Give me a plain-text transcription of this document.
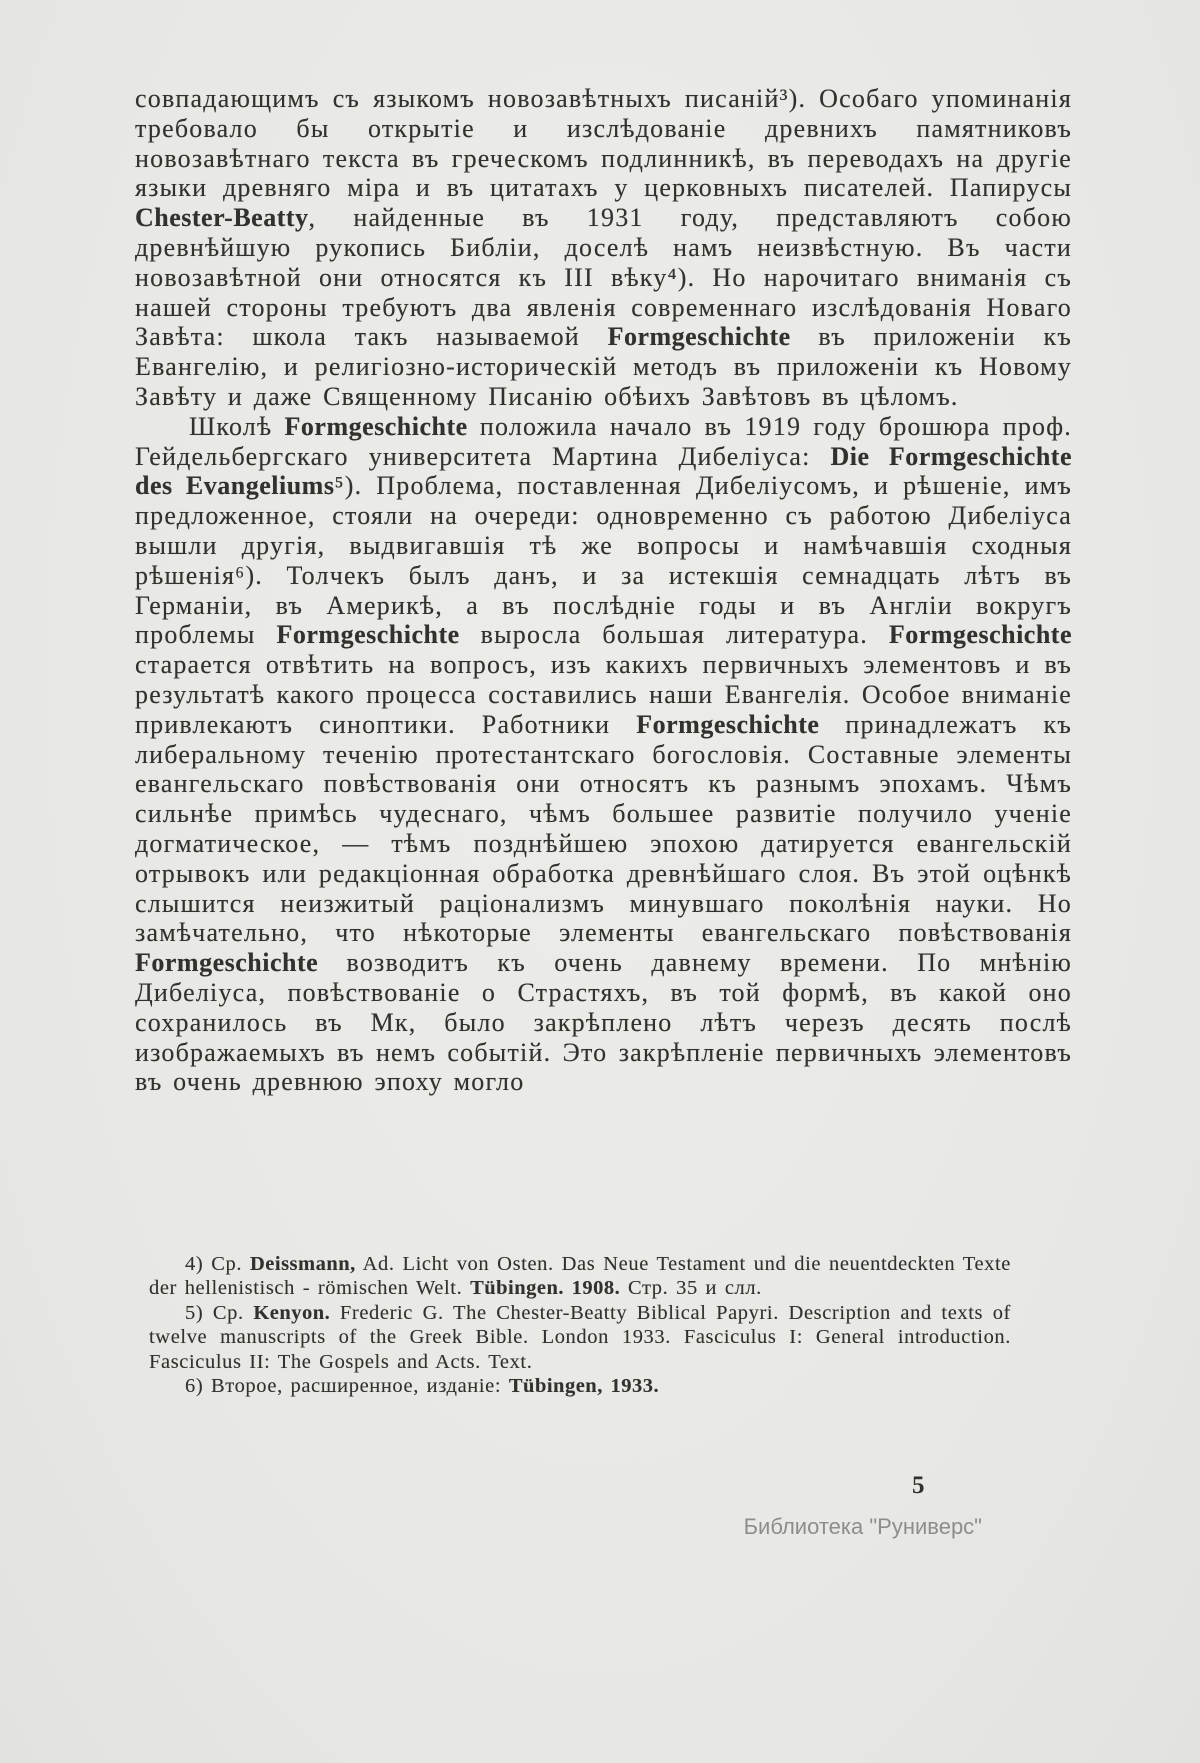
совпадающимъ съ языкомъ новозавѣтныхъ писаній³). Особаго упоминанія требовало бы открытіе и изслѣдованіе древнихъ памятниковъ новозавѣтнаго текста въ греческомъ подлинникѣ, въ переводахъ на другіе языки древняго міра и въ цитатахъ у церковныхъ писателей. Папирусы Chester-Beatty, найденные въ 1931 году, представляютъ собою древнѣйшую рукопись Библіи, доселѣ намъ неизвѣстную. Въ части новозавѣтной они относятся къ III вѣку⁴). Но нарочитаго вниманія съ нашей стороны требуютъ два явленія современнаго изслѣдованія Новаго Завѣта: школа такъ называемой Formgeschichte въ приложеніи къ Евангелію, и религіозно-историческій методъ въ приложеніи къ Новому Завѣту и даже Священному Писанію обѣихъ Завѣтовъ въ цѣломъ.

Школѣ Formgeschichte положила начало въ 1919 году брошюра проф. Гейдельбергскаго университета Мартина Дибеліуса: Die Formgeschichte des Evangeliums⁵). Проблема, поставленная Дибеліусомъ, и рѣшеніе, имъ предложенное, стояли на очереди: одновременно съ работою Дибеліуса вышли другія, выдвигавшія тѣ же вопросы и намѣчавшія сходныя рѣшенія⁶). Толчекъ былъ данъ, и за истекшія семнадцать лѣтъ въ Германіи, въ Америкѣ, а въ послѣдніе годы и въ Англіи вокругъ проблемы Formgeschichte выросла большая литература. Formgeschichte старается отвѣтить на вопросъ, изъ какихъ первичныхъ элементовъ и въ результатѣ какого процесса составились наши Евангелія. Особое вниманіе привлекаютъ синоптики. Работники Formgeschichte принадлежатъ къ либеральному теченію протестантскаго богословія. Составные элементы евангельскаго повѣствованія они относятъ къ разнымъ эпохамъ. Чѣмъ сильнѣе примѣсь чудеснаго, чѣмъ большее развитіе получило ученіе догматическое, — тѣмъ позднѣйшею эпохою датируется евангельскій отрывокъ или редакціонная обработка древнѣйшаго слоя. Въ этой оцѣнкѣ слышится неизжитый раціонализмъ минувшаго поколѣнія науки. Но замѣчательно, что нѣкоторые элементы евангельскаго повѣствованія Formgeschichte возводитъ къ очень давнему времени. По мнѣнію Дибеліуса, повѣствованіе о Страстяхъ, въ той формѣ, въ какой оно сохранилось въ Мк, было закрѣплено лѣтъ черезъ десять послѣ изображаемыхъ въ немъ событій. Это закрѣпленіе первичныхъ элементовъ въ очень древнюю эпоху могло

4) Ср. Deissmann, Ad. Licht von Osten. Das Neue Testament und die neuentdeckten Texte der hellenistisch - römischen Welt. Tübingen. 1908. Стр. 35 и слл.

5) Ср. Kenyon. Frederic G. The Chester-Beatty Biblical Papyri. Description and texts of twelve manuscripts of the Greek Bible. London 1933. Fasciculus I: General introduction. Fasciculus II: The Gospels and Acts. Text.

6) Второе, расширенное, изданіе: Tübingen, 1933.

5
Библиотека "Руниверс"
